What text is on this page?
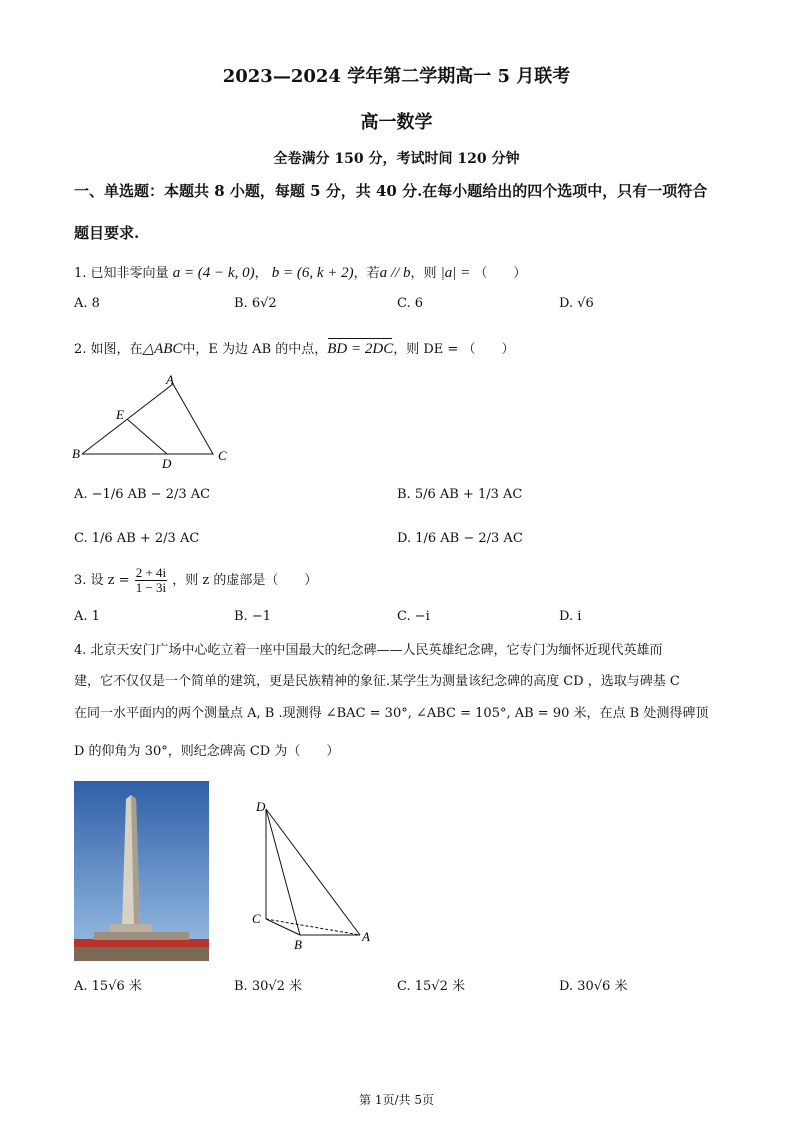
2023—2024 学年第二学期高一 5 月联考
高一数学
全卷满分 150 分，考试时间 120 分钟
一、单选题：本题共 8 小题，每题 5 分，共 40 分.在每小题给出的四个选项中，只有一项符合
题目要求.
1. 已知非零向量 a = (4 − k, 0)， b = (6, k + 2)，若a // b，则 |a| = （　　）
A. 8	B. 6√2	C. 6	D. √6
2. 如图，在△ABC中，E 为边 AB 的中点，BD = 2DC，则 DE = （　　）
A
B	C
D
E
A. −1/6 AB − 2/3 AC	B. 5/6 AB + 1/3 AC
C. 1/6 AB + 2/3 AC	D. 1/6 AB − 2/3 AC
3. 设 $z = \frac{2 + 4i}{1 - 3i}$ ，则 z 的虚部是（　　）
A. 1	B. −1	C. −i	D. i
4. 北京天安门广场中心屹立着一座中国最大的纪念碑——人民英雄纪念碑，它专门为缅怀近现代英雄而
建，它不仅仅是一个简单的建筑，更是民族精神的象征.某学生为测量该纪念碑的高度 CD ，选取与碑基 C
在同一水平面内的两个测量点 A, B .现测得 ∠BAC = 30°, ∠ABC = 105°, AB = 90 米，在点 B 处测得碑顶
D 的仰角为 30°，则纪念碑高 CD 为（　　）
D
C
B
A
A. 15√6 米	B. 30√2 米	C. 15√2 米	D. 30√6 米
第 1页/共 5页
